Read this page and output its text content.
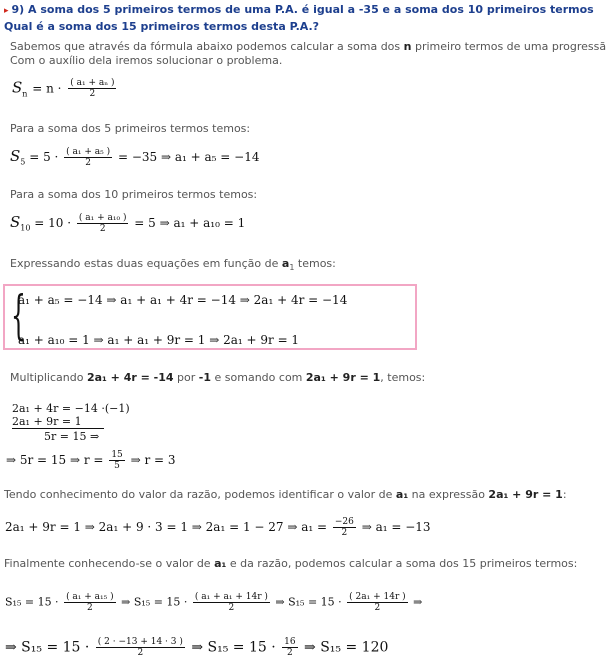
▸ 9) A soma dos 5 primeiros termos de uma P.A. é igual a -35 e a soma dos 10 primeiros termos
Qual é a soma dos 15 primeiros termos desta P.A.?
Sabemos que através da fórmula abaixo podemos calcular a soma dos n primeiro termos de uma progressã
Com o auxílio dela iremos solucionar o problema.
$S_n = n \cdot \frac{\text{( a₁ + aₙ )}}{2}$
Para a soma dos 5 primeiros termos temos:
$S_5 = 5 \cdot \frac{\text{( a₁ + a₅ )}}{2} = -35$ ⇒ a₁ + a₅ = −14
Para a soma dos 10 primeiros termos temos:
$S_{10} = 10 \cdot \frac{\text{( a₁ + a₁₀ )}}{2} = 5$ ⇒ a₁ + a₁₀ = 1
Expressando estas duas equações em função de $a_1$ temos:
{
a₁ + a₅ = −14 ⇒ a₁ + a₁ + 4r = −14 ⇒ 2a₁ + 4r = −14
a₁ + a₁₀ = 1 ⇒ a₁ + a₁ + 9r = 1 ⇒ 2a₁ + 9r = 1
Multiplicando 2a₁ + 4r = -14 por -1 e somando com 2a₁ + 9r = 1, temos:
2a₁ + 4r = −14 ·(−1)
2a₁ + 9r = 1
5r = 15 ⇒
⇒ 5r = 15 ⇒ $r = \frac{15}{5}$ ⇒ r = 3
Tendo conhecimento do valor da razão, podemos identificar o valor de a₁ na expressão 2a₁ + 9r = 1:
2a₁ + 9r = 1 ⇒ 2a₁ + 9 · 3 = 1 ⇒ 2a₁ = 1 − 27 ⇒ $a_1 = \frac{-26}{2}$ ⇒ a₁ = −13
Finalmente conhecendo-se o valor de a₁ e da razão, podemos calcular a soma dos 15 primeiros termos:
$S_{15} = 15 \cdot \frac{\text{( a₁ + a₁₅ )}}{2}$ ⇒ $S_{15} = 15 \cdot \frac{\text{( a₁ + a₁ + 14r )}}{2}$ ⇒ $S_{15} = 15 \cdot \frac{\text{( 2a₁ + 14r )}}{2}$ ⇒
⇒ $S_{15} = 15 \cdot \frac{( 2 \cdot -13 + 14 \cdot 3 )}{2}$ ⇒ $S_{15} = 15 \cdot \frac{16}{2}$ ⇒ S₁₅ = 120
